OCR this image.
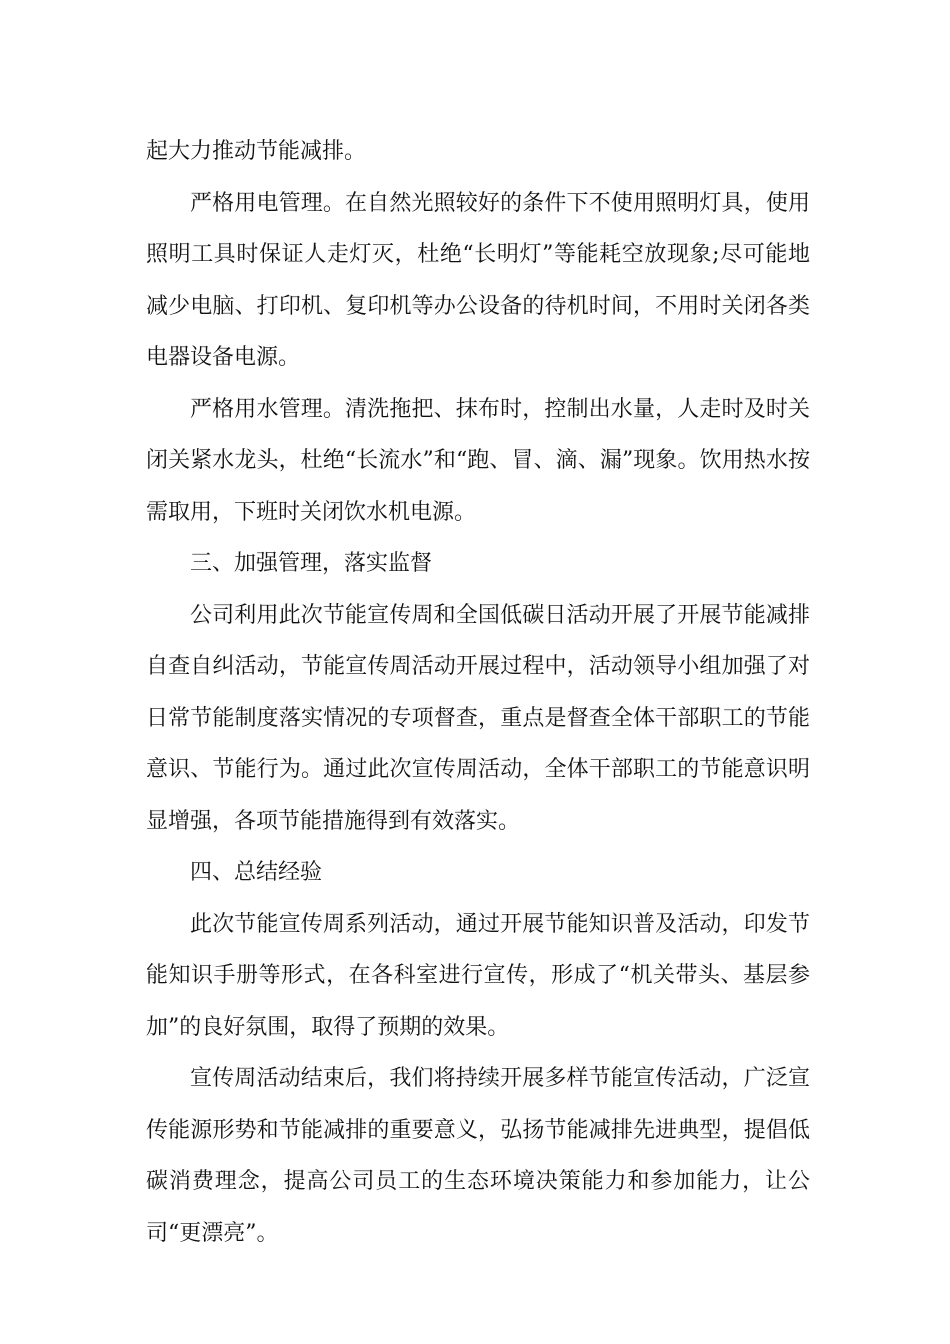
起大力推动节能减排。

严格用电管理。在自然光照较好的条件下不使用照明灯具，使用照明工具时保证人走灯灭，杜绝“长明灯”等能耗空放现象;尽可能地减少电脑、打印机、复印机等办公设备的待机时间，不用时关闭各类电器设备电源。

严格用水管理。清洗拖把、抹布时，控制出水量，人走时及时关闭关紧水龙头，杜绝“长流水”和“跑、冒、滴、漏”现象。饮用热水按需取用，下班时关闭饮水机电源。

三、加强管理，落实监督

公司利用此次节能宣传周和全国低碳日活动开展了开展节能减排自查自纠活动，节能宣传周活动开展过程中，活动领导小组加强了对日常节能制度落实情况的专项督查，重点是督查全体干部职工的节能意识、节能行为。通过此次宣传周活动，全体干部职工的节能意识明显增强，各项节能措施得到有效落实。

四、总结经验

此次节能宣传周系列活动，通过开展节能知识普及活动，印发节能知识手册等形式，在各科室进行宣传，形成了“机关带头、基层参加”的良好氛围，取得了预期的效果。

宣传周活动结束后，我们将持续开展多样节能宣传活动，广泛宣传能源形势和节能减排的重要意义，弘扬节能减排先进典型，提倡低碳消费理念，提高公司员工的生态环境决策能力和参加能力，让公司“更漂亮”。
